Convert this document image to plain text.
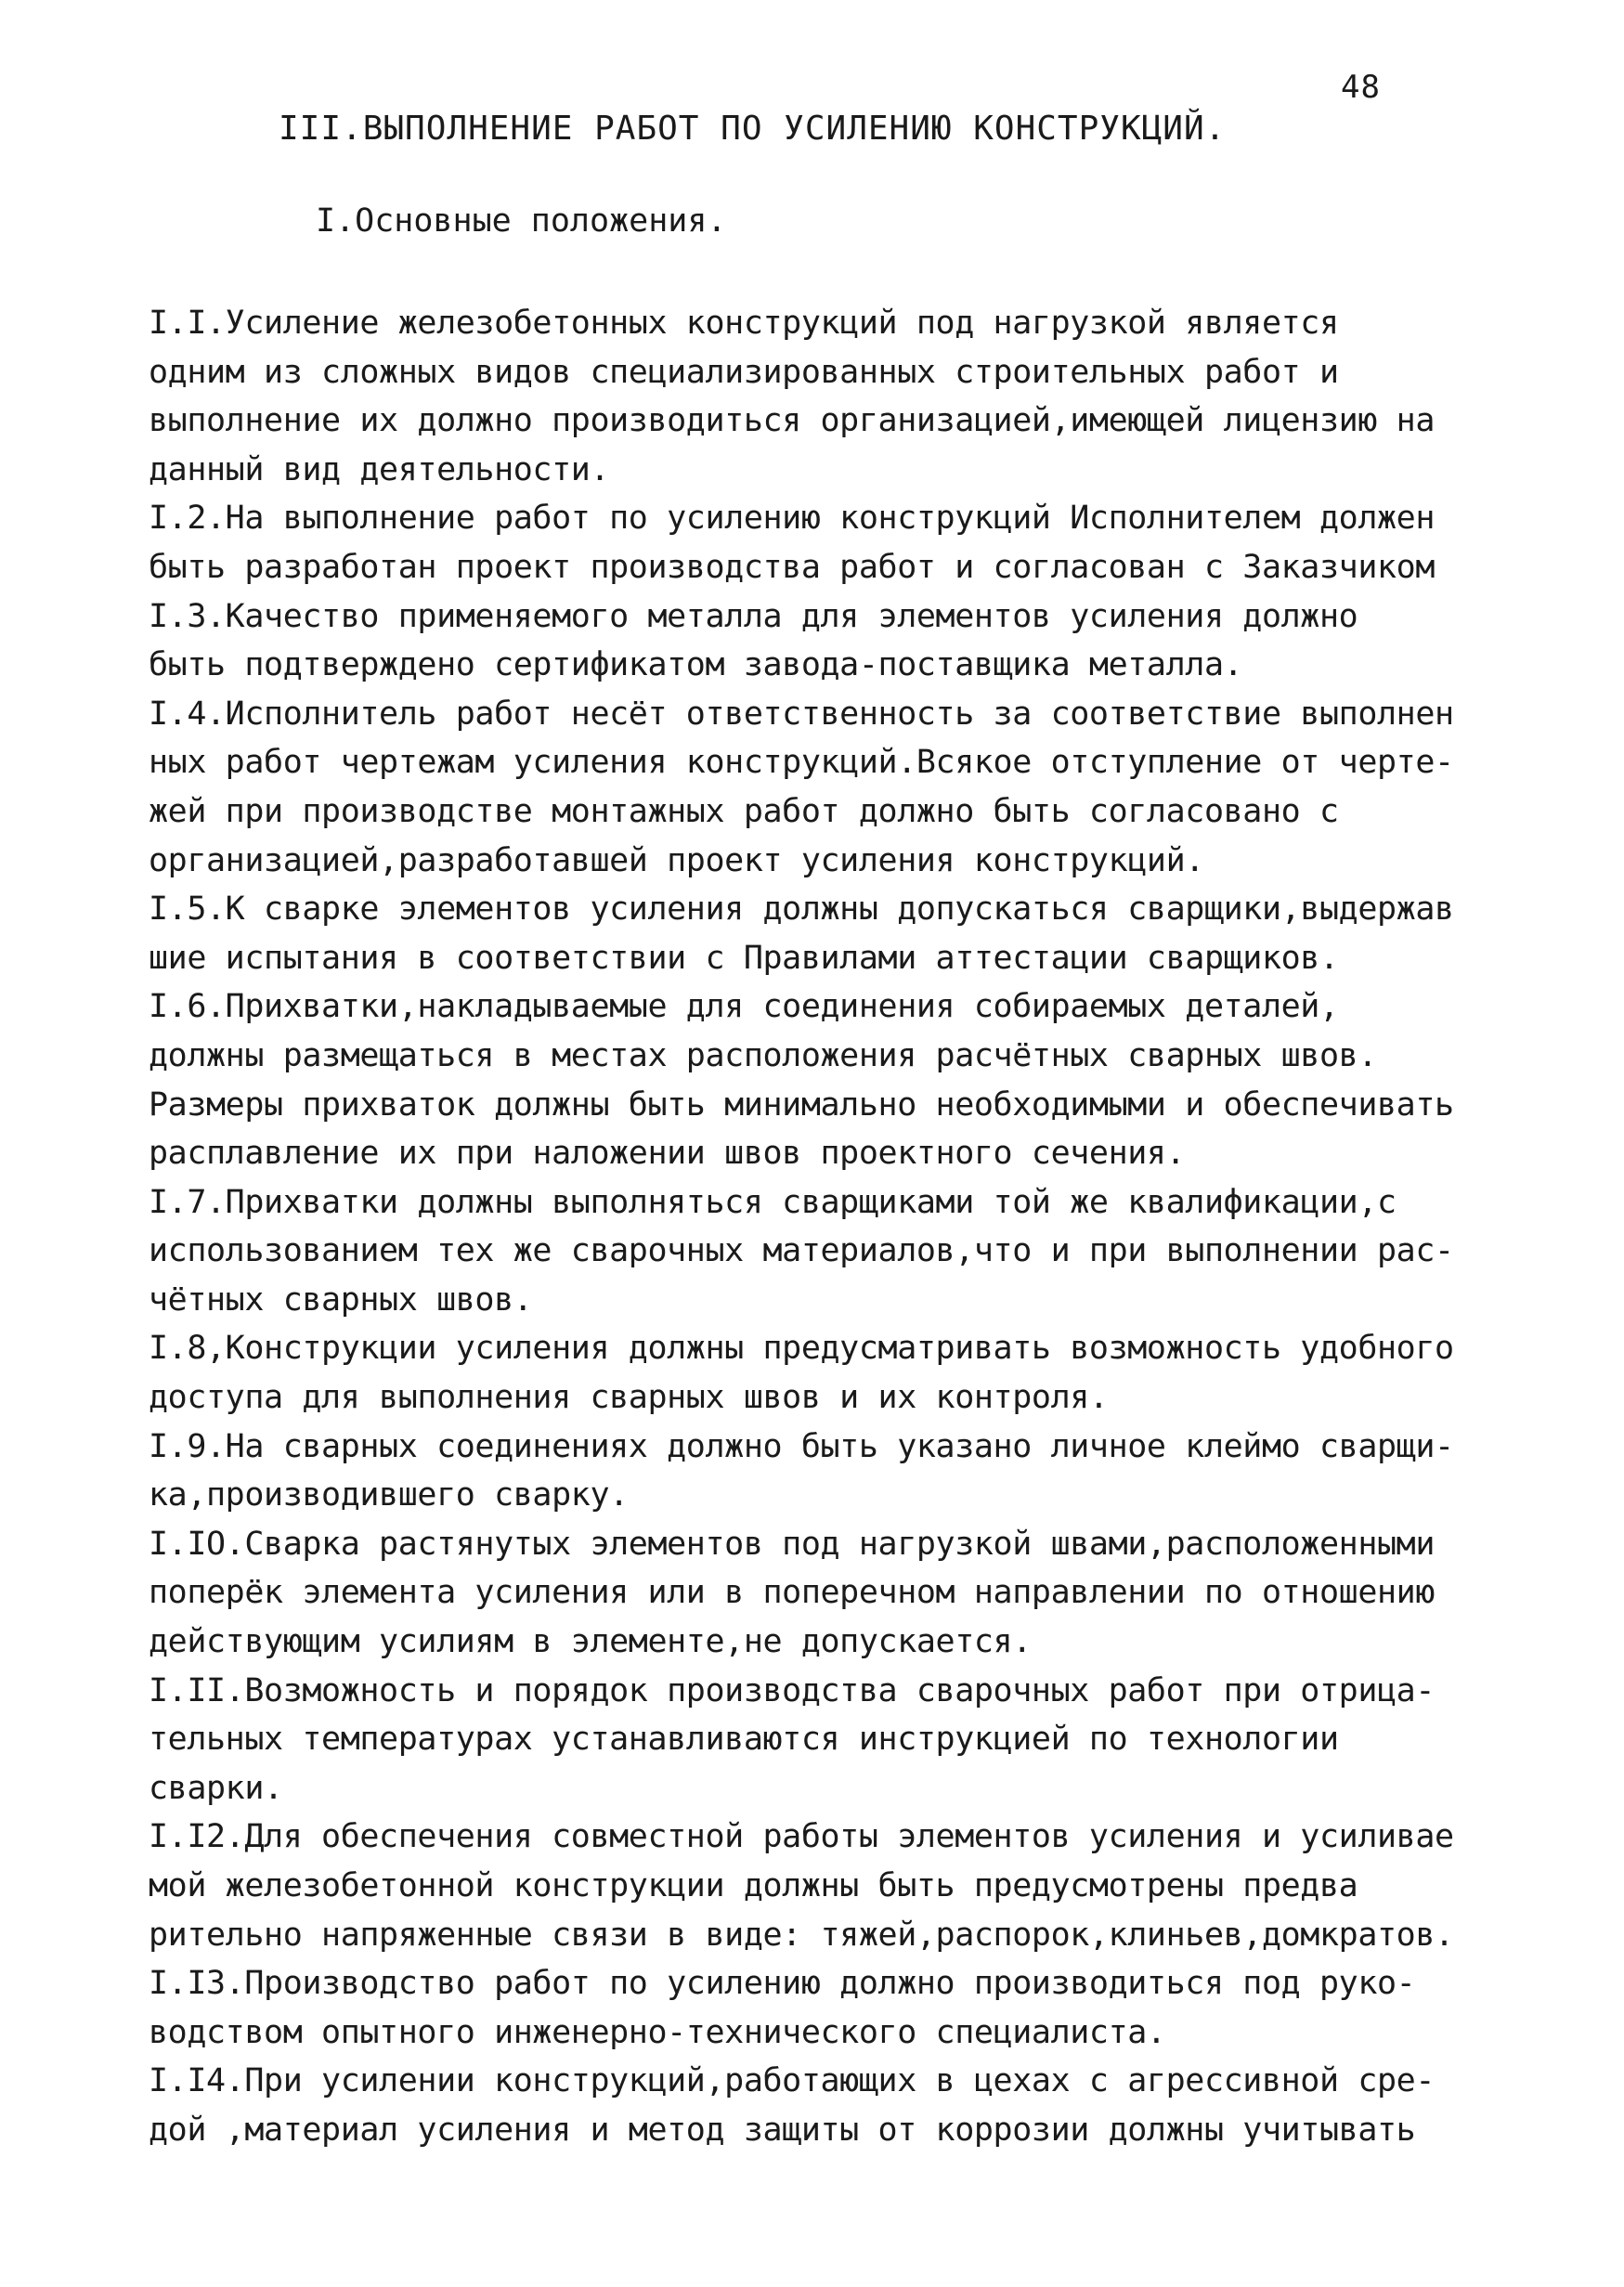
48
III.ВЫПОЛНЕНИЕ РАБОТ ПО УСИЛЕНИЮ КОНСТРУКЦИЙ.
I.Основные положения.
I.I.Усиление железобетонных конструкций под нагрузкой является
одним из сложных видов специализированных строительных работ и
выполнение их должно производиться организацией,имеющей лицензию на
данный вид деятельности.
I.2.На выполнение работ по усилению конструкций Исполнителем должен
быть разработан проект производства работ и согласован с Заказчиком
I.3.Качество применяемого металла для элементов усиления должно
быть подтверждено сертификатом завода-поставщика металла.
I.4.Исполнитель работ несёт ответственность за соответствие выполнен
ных работ чертежам усиления конструкций.Всякое отступление от черте-
жей при производстве монтажных работ должно быть согласовано с
организацией,разработавшей проект усиления конструкций.
I.5.К сварке элементов усиления должны допускаться сварщики,выдержав
шие испытания в соответствии с Правилами аттестации сварщиков.
I.6.Прихватки,накладываемые для соединения собираемых деталей,
должны размещаться в местах расположения расчётных сварных швов.
Размеры прихваток должны быть минимально необходимыми и обеспечивать
расплавление их при наложении швов проектного сечения.
I.7.Прихватки должны выполняться сварщиками той же квалификации,с
использованием тех же сварочных материалов,что и при выполнении рас-
чётных сварных швов.
I.8,Конструкции усиления должны предусматривать возможность удобного
доступа для выполнения сварных швов и их контроля.
I.9.На сварных соединениях должно быть указано личное клеймо сварщи-
ка,производившего сварку.
I.IO.Сварка растянутых элементов под нагрузкой швами,расположенными
поперёк элемента усиления или в поперечном направлении по отношению
действующим усилиям в элементе,не допускается.
I.II.Возможность и порядок производства сварочных работ при отрица-
тельных температурах устанавливаются инструкцией по технологии
сварки.
I.I2.Для обеспечения совместной работы элементов усиления и усиливае
мой железобетонной конструкции должны быть предусмотрены предва
рительно напряженные связи в виде: тяжей,распорок,клиньев,домкратов.
I.I3.Производство работ по усилению должно производиться под руко-
водством опытного инженерно-технического специалиста.
I.I4.При усилении конструкций,работающих в цехах с агрессивной сре-
дой ,материал усиления и метод защиты от коррозии должны учитывать
